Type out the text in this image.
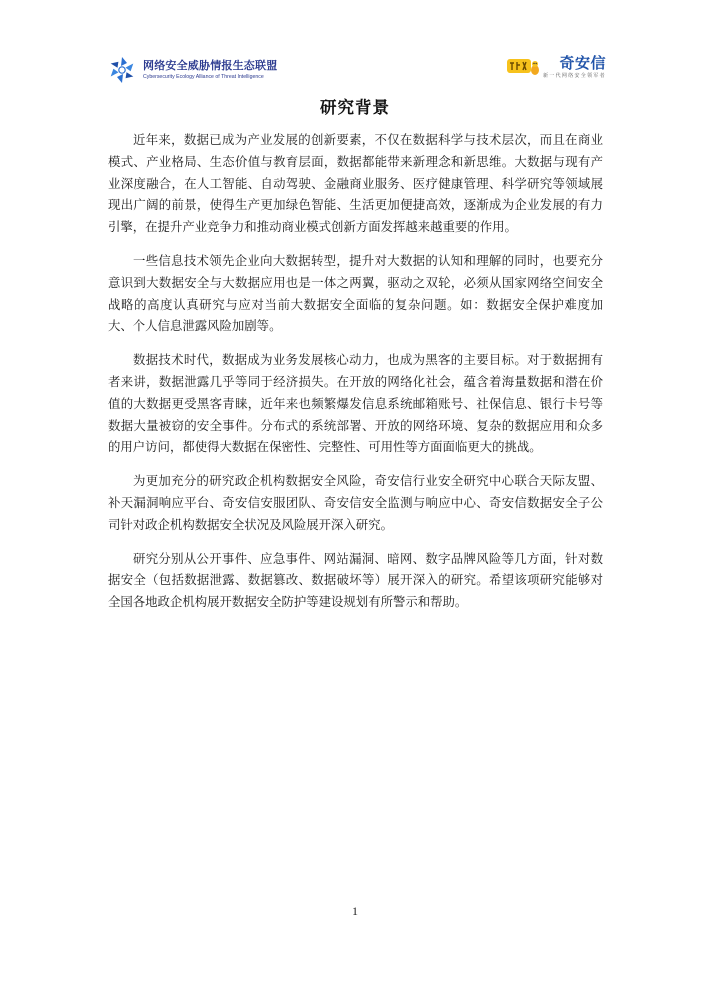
网络安全威胁情报生态联盟
Cybersecurity Ecology Alliance of Threat Intelligence
奇安信
新一代网络安全领军者
研究背景

近年来，数据已成为产业发展的创新要素，不仅在数据科学与技术层次，而且在商业模式、产业格局、生态价值与教育层面，数据都能带来新理念和新思维。大数据与现有产业深度融合，在人工智能、自动驾驶、金融商业服务、医疗健康管理、科学研究等领域展现出广阔的前景，使得生产更加绿色智能、生活更加便捷高效，逐渐成为企业发展的有力引擎，在提升产业竞争力和推动商业模式创新方面发挥越来越重要的作用。

一些信息技术领先企业向大数据转型，提升对大数据的认知和理解的同时，也要充分意识到大数据安全与大数据应用也是一体之两翼，驱动之双轮，必须从国家网络空间安全战略的高度认真研究与应对当前大数据安全面临的复杂问题。如：数据安全保护难度加大、个人信息泄露风险加剧等。

数据技术时代，数据成为业务发展核心动力，也成为黑客的主要目标。对于数据拥有者来讲，数据泄露几乎等同于经济损失。在开放的网络化社会，蕴含着海量数据和潜在价值的大数据更受黑客青睐，近年来也频繁爆发信息系统邮箱账号、社保信息、银行卡号等数据大量被窃的安全事件。分布式的系统部署、开放的网络环境、复杂的数据应用和众多的用户访问，都使得大数据在保密性、完整性、可用性等方面面临更大的挑战。

为更加充分的研究政企机构数据安全风险，奇安信行业安全研究中心联合天际友盟、补天漏洞响应平台、奇安信安服团队、奇安信安全监测与响应中心、奇安信数据安全子公司针对政企机构数据安全状况及风险展开深入研究。

研究分别从公开事件、应急事件、网站漏洞、暗网、数字品牌风险等几方面，针对数据安全（包括数据泄露、数据篡改、数据破坏等）展开深入的研究。希望该项研究能够对全国各地政企机构展开数据安全防护等建设规划有所警示和帮助。

1
